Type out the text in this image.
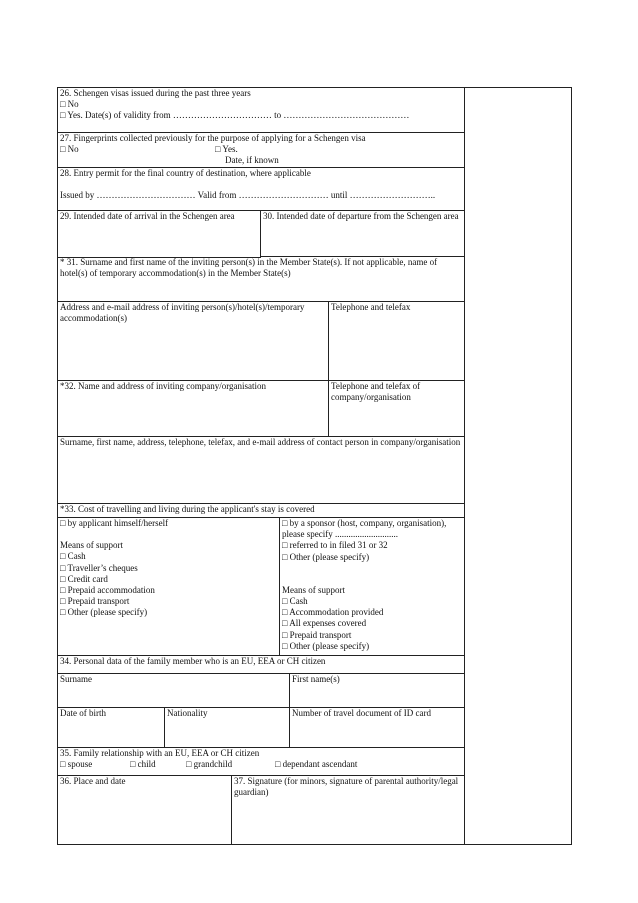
26. Schengen visas issued during the past three years
□ No
□ Yes. Date(s) of validity from …………………………… to ……………………………………
27. Fingerprints collected previously for the purpose of applying for a Schengen visa
□ No	□ Yes.
Date, if known
28. Entry permit for the final country of destination, where applicable
Issued by …………………………… Valid from ………………………… until ………………………..
29. Intended date of arrival in the Schengen area	30. Intended date of departure from the Schengen area
* 31. Surname and first name of the inviting person(s) in the Member State(s). If not applicable, name of hotel(s) of temporary accommodation(s) in the Member State(s)
Address and e-mail address of inviting person(s)/hotel(s)/temporary accommodation(s)
Telephone and telefax
*32. Name and address of inviting company/organisation	Telephone and telefax of company/organisation
Surname, first name, address, telephone, telefax, and e-mail address of contact person in company/organisation
*33. Cost of travelling and living during the applicant's stay is covered
□ by applicant himself/herself
Means of support
□ Cash
□ Traveller’s cheques
□ Credit card
□ Prepaid accommodation
□ Prepaid transport
□ Other (please specify)
□ by a sponsor (host, company, organisation), please specify ............................
□ referred to in filed 31 or 32
□ Other (please specify)
Means of support
□ Cash
□ Accommodation provided
□ All expenses covered
□ Prepaid transport
□ Other (please specify)
34. Personal data of the family member who is an EU, EEA or CH citizen
Surname	First name(s)
Date of birth	Nationality	Number of travel document of ID card
35. Family relationship with an EU, EEA or CH citizen
□ spouse	□ child	□ grandchild	□ dependant ascendant
36. Place and date	37. Signature (for minors, signature of parental authority/legal guardian)
